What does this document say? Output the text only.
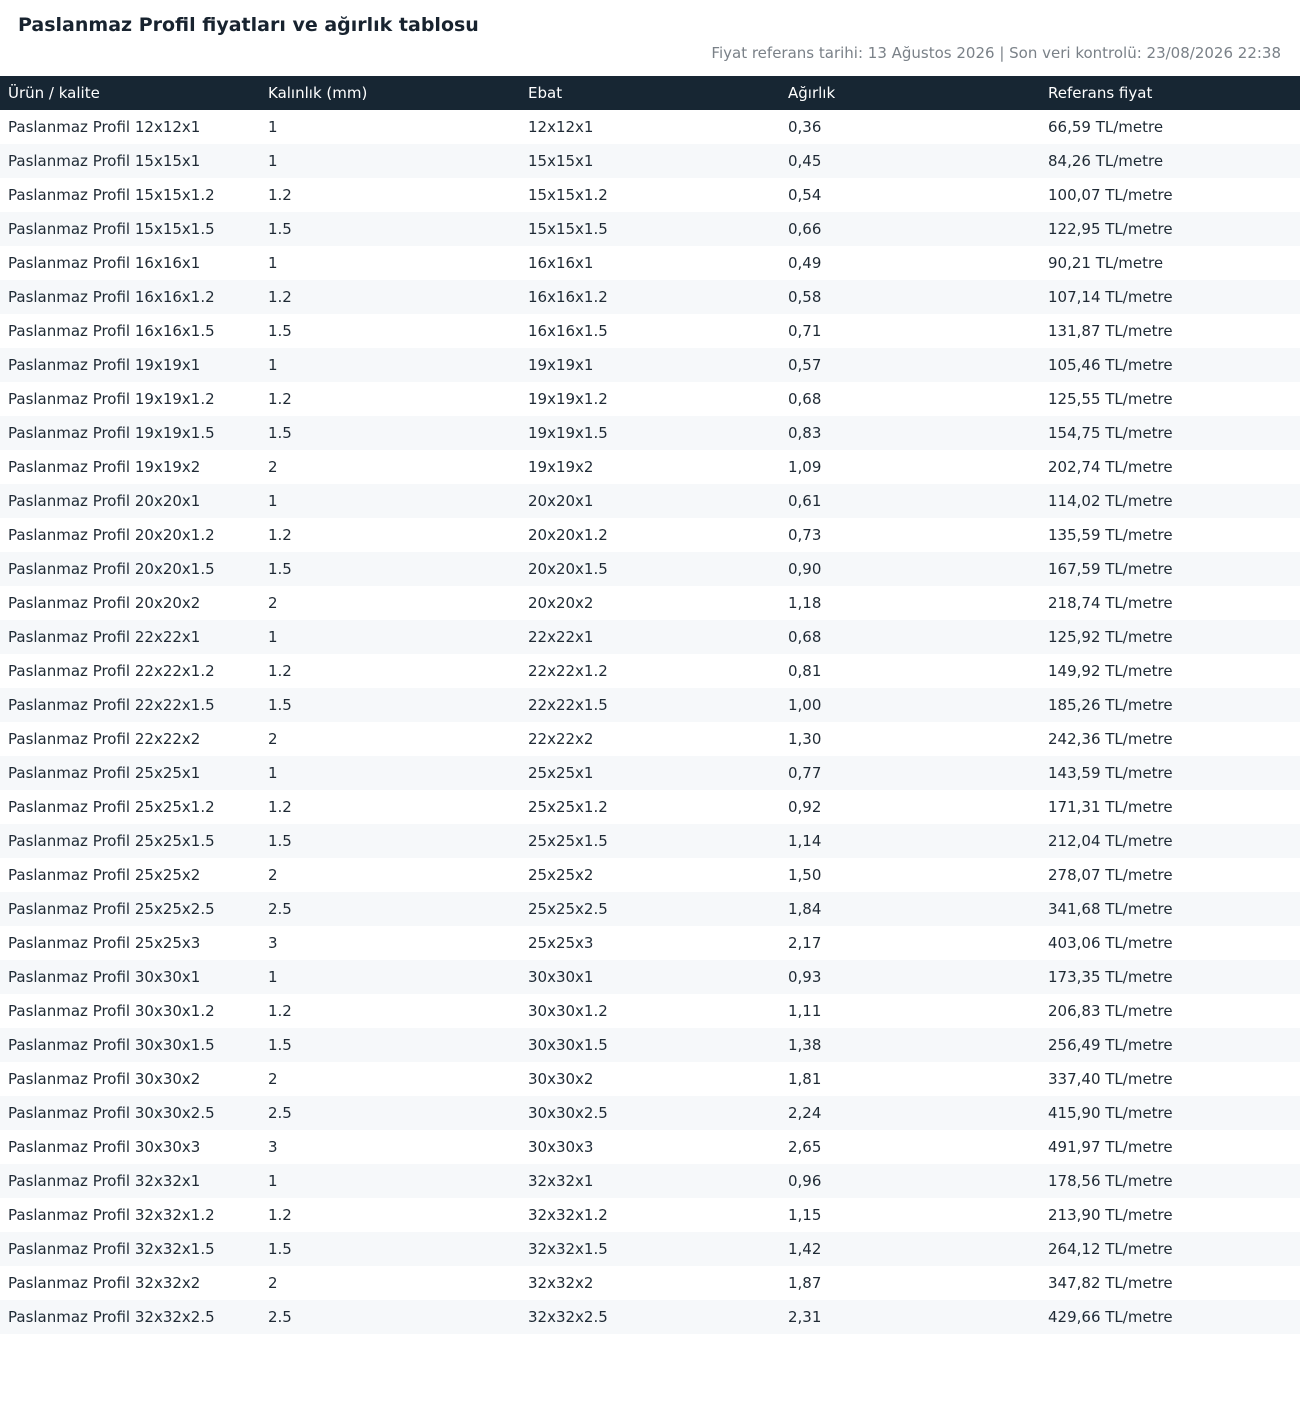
Paslanmaz Profil fiyatları ve ağırlık tablosu
Fiyat referans tarihi: 13 Ağustos 2026 | Son veri kontrolü: 23/08/2026 22:38
Ürün / kalite	Kalınlık (mm)	Ebat	Ağırlık	Referans fiyat
Paslanmaz Profil 12x12x1	1	12x12x1	0,36	66,59 TL/metre
Paslanmaz Profil 15x15x1	1	15x15x1	0,45	84,26 TL/metre
Paslanmaz Profil 15x15x1.2	1.2	15x15x1.2	0,54	100,07 TL/metre
Paslanmaz Profil 15x15x1.5	1.5	15x15x1.5	0,66	122,95 TL/metre
Paslanmaz Profil 16x16x1	1	16x16x1	0,49	90,21 TL/metre
Paslanmaz Profil 16x16x1.2	1.2	16x16x1.2	0,58	107,14 TL/metre
Paslanmaz Profil 16x16x1.5	1.5	16x16x1.5	0,71	131,87 TL/metre
Paslanmaz Profil 19x19x1	1	19x19x1	0,57	105,46 TL/metre
Paslanmaz Profil 19x19x1.2	1.2	19x19x1.2	0,68	125,55 TL/metre
Paslanmaz Profil 19x19x1.5	1.5	19x19x1.5	0,83	154,75 TL/metre
Paslanmaz Profil 19x19x2	2	19x19x2	1,09	202,74 TL/metre
Paslanmaz Profil 20x20x1	1	20x20x1	0,61	114,02 TL/metre
Paslanmaz Profil 20x20x1.2	1.2	20x20x1.2	0,73	135,59 TL/metre
Paslanmaz Profil 20x20x1.5	1.5	20x20x1.5	0,90	167,59 TL/metre
Paslanmaz Profil 20x20x2	2	20x20x2	1,18	218,74 TL/metre
Paslanmaz Profil 22x22x1	1	22x22x1	0,68	125,92 TL/metre
Paslanmaz Profil 22x22x1.2	1.2	22x22x1.2	0,81	149,92 TL/metre
Paslanmaz Profil 22x22x1.5	1.5	22x22x1.5	1,00	185,26 TL/metre
Paslanmaz Profil 22x22x2	2	22x22x2	1,30	242,36 TL/metre
Paslanmaz Profil 25x25x1	1	25x25x1	0,77	143,59 TL/metre
Paslanmaz Profil 25x25x1.2	1.2	25x25x1.2	0,92	171,31 TL/metre
Paslanmaz Profil 25x25x1.5	1.5	25x25x1.5	1,14	212,04 TL/metre
Paslanmaz Profil 25x25x2	2	25x25x2	1,50	278,07 TL/metre
Paslanmaz Profil 25x25x2.5	2.5	25x25x2.5	1,84	341,68 TL/metre
Paslanmaz Profil 25x25x3	3	25x25x3	2,17	403,06 TL/metre
Paslanmaz Profil 30x30x1	1	30x30x1	0,93	173,35 TL/metre
Paslanmaz Profil 30x30x1.2	1.2	30x30x1.2	1,11	206,83 TL/metre
Paslanmaz Profil 30x30x1.5	1.5	30x30x1.5	1,38	256,49 TL/metre
Paslanmaz Profil 30x30x2	2	30x30x2	1,81	337,40 TL/metre
Paslanmaz Profil 30x30x2.5	2.5	30x30x2.5	2,24	415,90 TL/metre
Paslanmaz Profil 30x30x3	3	30x30x3	2,65	491,97 TL/metre
Paslanmaz Profil 32x32x1	1	32x32x1	0,96	178,56 TL/metre
Paslanmaz Profil 32x32x1.2	1.2	32x32x1.2	1,15	213,90 TL/metre
Paslanmaz Profil 32x32x1.5	1.5	32x32x1.5	1,42	264,12 TL/metre
Paslanmaz Profil 32x32x2	2	32x32x2	1,87	347,82 TL/metre
Paslanmaz Profil 32x32x2.5	2.5	32x32x2.5	2,31	429,66 TL/metre
